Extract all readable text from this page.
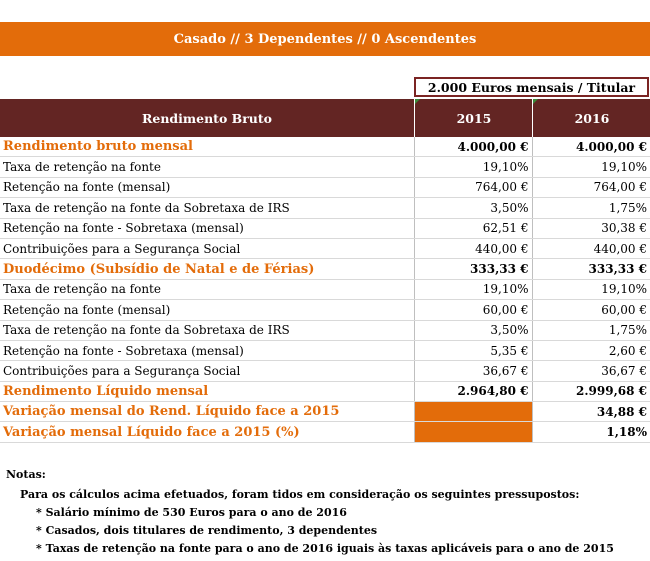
Casado // 3 Dependentes // 0 Ascendentes
2.000 Euros mensais / Titular
Rendimento Bruto	2015	2016
Rendimento bruto mensal	4.000,00 €	4.000,00 €
Taxa de retenção na fonte	19,10%	19,10%
Retenção na fonte (mensal)	764,00 €	764,00 €
Taxa de retenção na fonte da Sobretaxa de IRS	3,50%	1,75%
Retenção na fonte - Sobretaxa (mensal)	62,51 €	30,38 €
Contribuições para a Segurança Social	440,00 €	440,00 €
Duodécimo (Subsídio de Natal e de Férias)	333,33 €	333,33 €
Taxa de retenção na fonte	19,10%	19,10%
Retenção na fonte (mensal)	60,00 €	60,00 €
Taxa de retenção na fonte da Sobretaxa de IRS	3,50%	1,75%
Retenção na fonte - Sobretaxa (mensal)	5,35 €	2,60 €
Contribuições para a Segurança Social	36,67 €	36,67 €
Rendimento Líquido mensal	2.964,80 €	2.999,68 €
Variação mensal do Rend. Líquido face a 2015		34,88 €
Variação mensal Líquido face a 2015 (%)		1,18%
Notas:
Para os cálculos acima efetuados, foram tidos em consideração os seguintes pressupostos:
* Salário mínimo de 530 Euros para o ano de 2016
* Casados, dois titulares de rendimento, 3 dependentes
* Taxas de retenção na fonte para o ano de 2016 iguais às taxas aplicáveis para o ano de 2015
